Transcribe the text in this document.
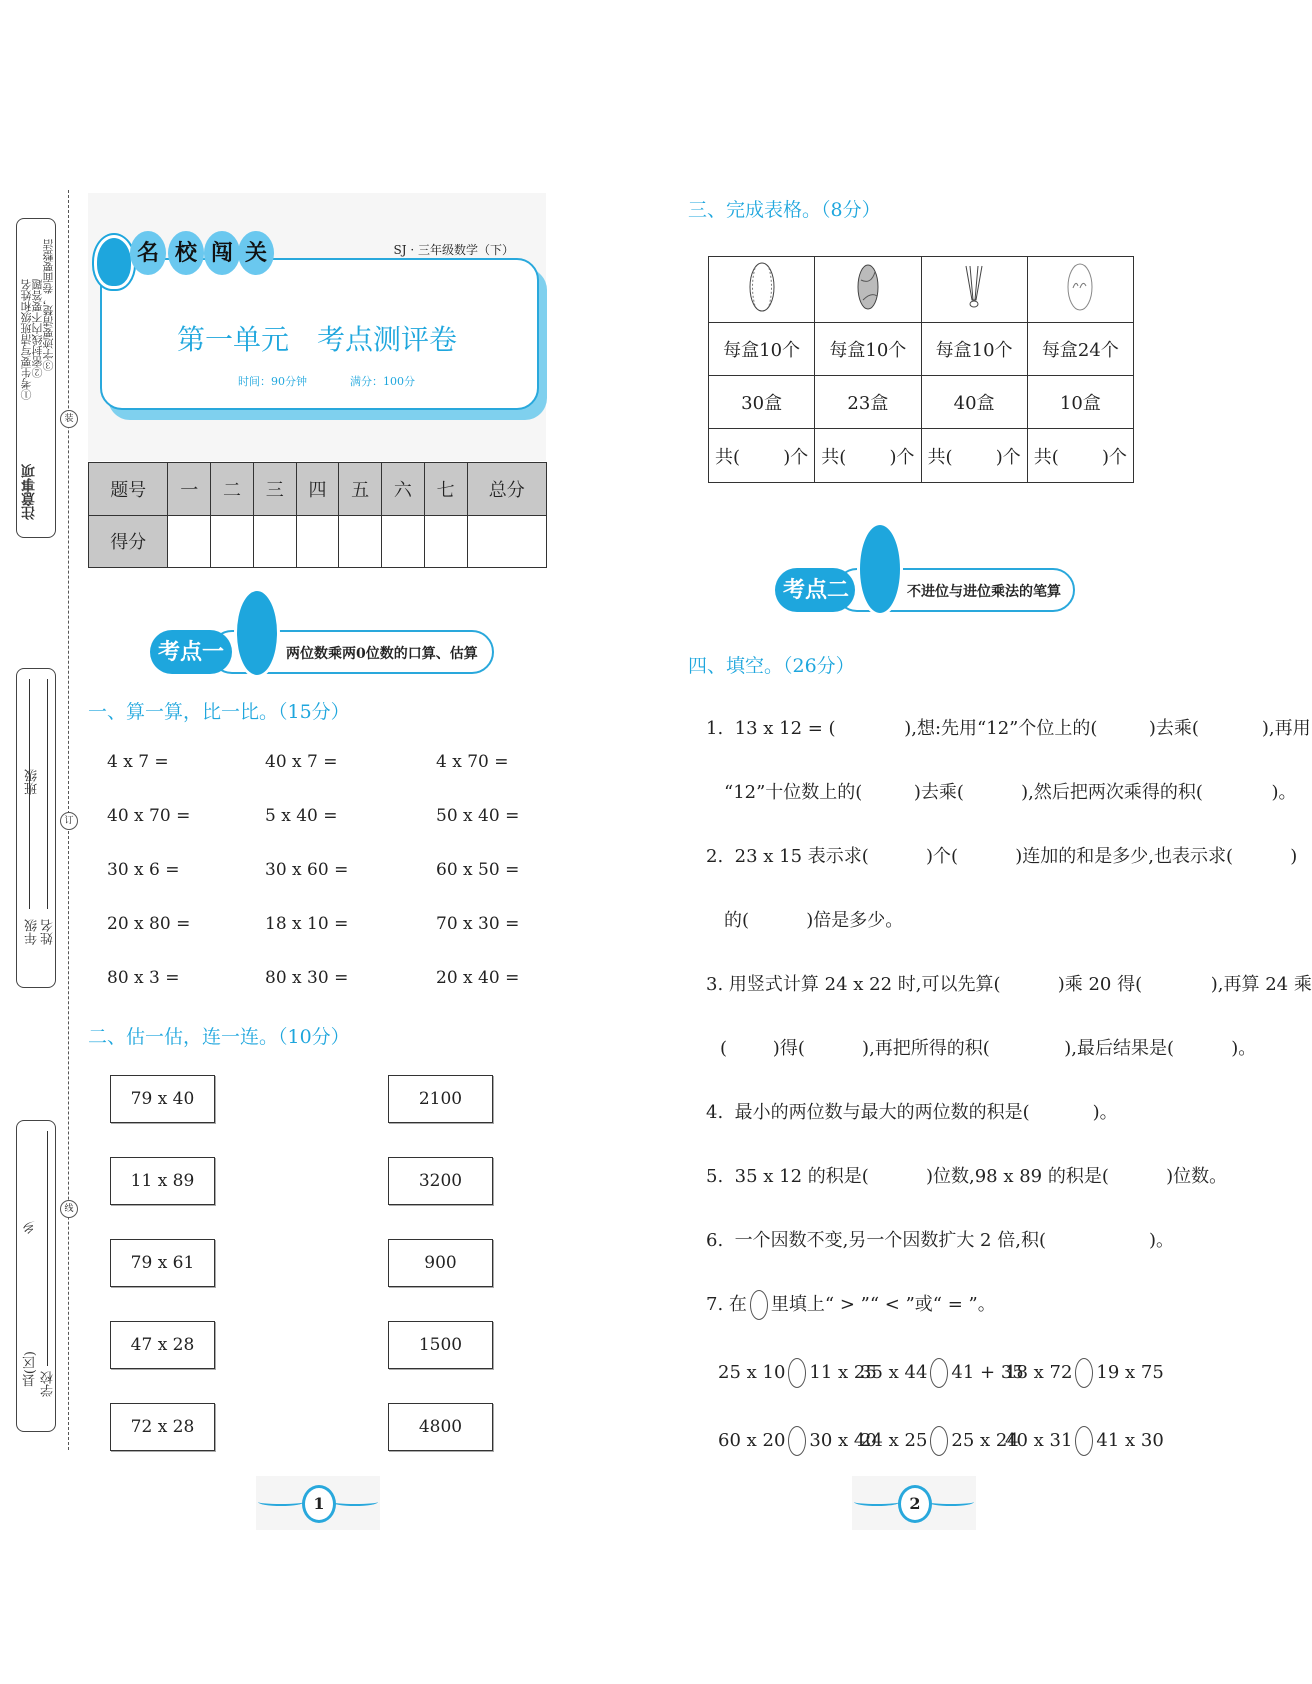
注意事项
①考生要写清班级和姓名
②密封线内不要答题
③字迹要清楚，卷面要整洁
年级
班级
姓名
县(区)
乡
学校
装
订
线
名 校 闯 关	SJ · 三年级数学（下）
第一单元　考点测评卷
时间：90分钟	满分：100分
题号	一	二	三	四	五	六	七	总分
得分								
两位数乘两0位数的口算、估算
考点一
一、算一算，比一比。（15分）
4 x 7 =	40 x 7 =	4 x 70 =
40 x 70 =	5 x 40 =	50 x 40 =
30 x 6 =	30 x 60 =	60 x 50 =
20 x 80 =	18 x 10 =	70 x 30 =
80 x 3 =	80 x 30 =	20 x 40 =
二、估一估，连一连。（10分）
79 x 40	2100
11 x 89	3200
79 x 61	900
47 x 28	1500
72 x 28	4800
1
三、完成表格。（8分）

每盒10个	每盒10个	每盒10个	每盒24个
30盒	23盒	40盒	10盒
共( )个	共( )个	共( )个	共( )个
不进位与进位乘法的笔算
考点二
四、填空。（26分）
1.  13 x 12 = (            ),想:先用“12”个位上的(         )去乘(           ),再用
“12”十位数上的(         )去乘(          ),然后把两次乘得的积(            )。
2.  23 x 15 表示求(          )个(          )连加的和是多少,也表示求(          )
的(          )倍是多少。
3. 用竖式计算 24 x 22 时,可以先算(          )乘 20 得(            ),再算 24 乘
(        )得(          ),再把所得的积(             ),最后结果是(          )。
4.  最小的两位数与最大的两位数的积是(           )。
5.  35 x 12 的积是(          )位数,98 x 89 的积是(          )位数。
6.  一个因数不变,另一个因数扩大 2 倍,积(                  )。
7. 在 里填上“ > ”“ < ”或“ = ”。
25 x 10 11 x 25
35 x 44 41 + 35
18 x 72 19 x 75
60 x 20 30 x 40
24 x 25 25 x 24
40 x 31 41 x 30
2
